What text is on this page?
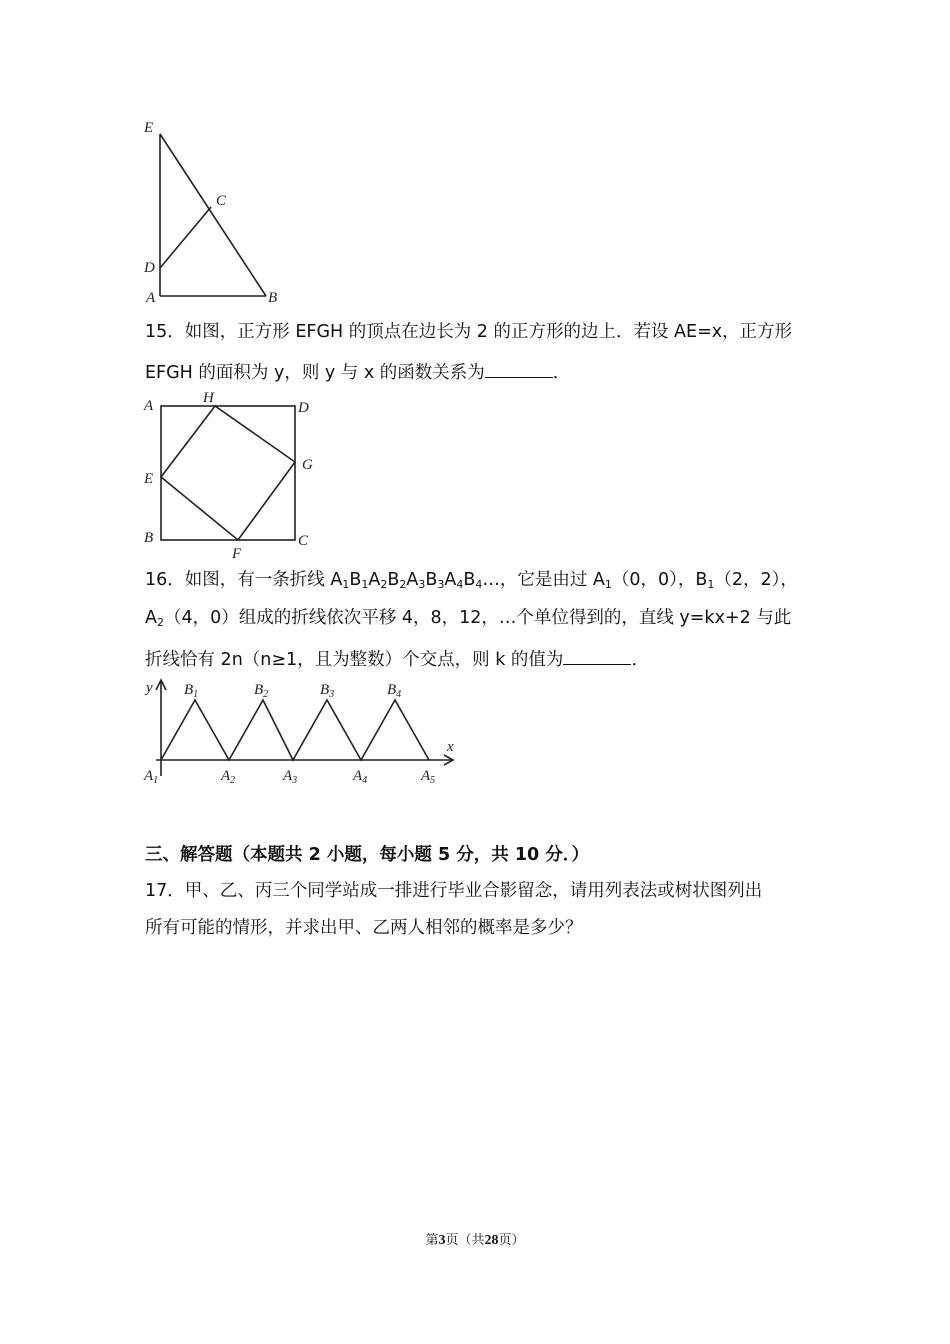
E
C
D
A	B
15．如图，正方形 EFGH 的顶点在边长为 2 的正方形的边上．若设 AE=x，正方形
EFGH 的面积为 y，则 y 与 x 的函数关系为	．
A	H
D
E
G
B
F
C
16．如图，有一条折线 $A_1B_1A_2B_2A_3B_3A_4B_4\dots$，它是由过 $A_1(0$，0），$B_1(2$，2），
$A_2(4$，0）组成的折线依次平移 4，8，12，…个单位得到的，直线 y=kx+2 与此
折线恰有 2n（n≥1，且为整数）个交点，则 k 的值为	．
y
x
$B_1$	$B_2$	$B_3$	$B_4$
$A_1$	$A_2$	$A_3$	$A_4$	$A_5$
三、解答题（本题共 2 小题，每小题 5 分，共 10 分．）
17．甲、乙、丙三个同学站成一排进行毕业合影留念，请用列表法或树状图列出
所有可能的情形，并求出甲、乙两人相邻的概率是多少？
第3页（共28页）
